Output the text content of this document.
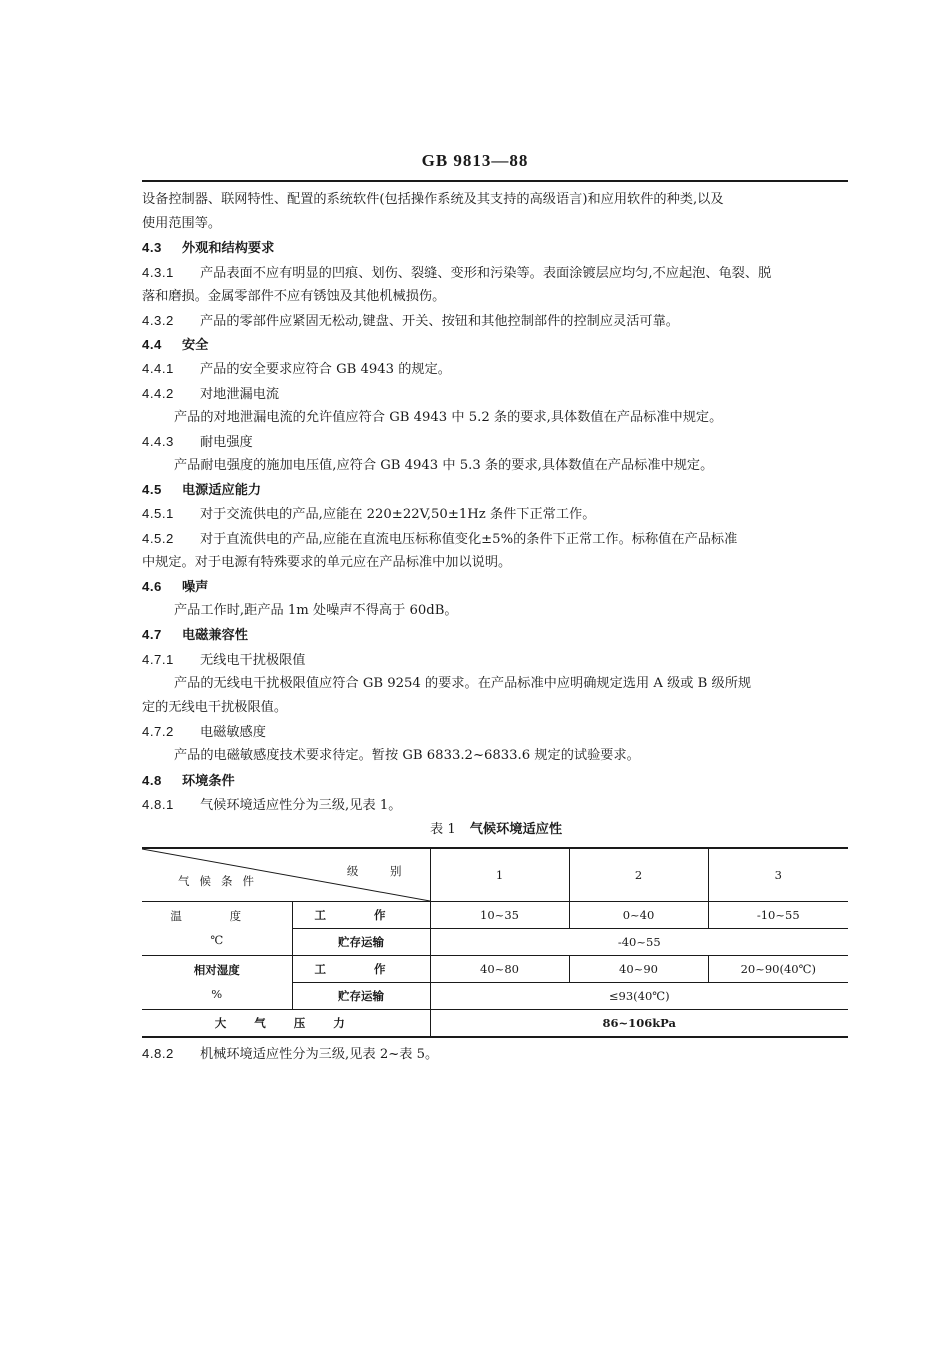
GB 9813—88
设备控制器、联网特性、配置的系统软件(包括操作系统及其支持的高级语言)和应用软件的种类,以及
使用范围等。
4.3 外观和结构要求
4.3.1 产品表面不应有明显的凹痕、划伤、裂缝、变形和污染等。表面涂镀层应均匀,不应起泡、龟裂、脱
落和磨损。金属零部件不应有锈蚀及其他机械损伤。
4.3.2 产品的零部件应紧固无松动,键盘、开关、按钮和其他控制部件的控制应灵活可靠。
4.4 安全
4.4.1 产品的安全要求应符合 GB 4943 的规定。
4.4.2 对地泄漏电流
产品的对地泄漏电流的允许值应符合 GB 4943 中 5.2 条的要求,具体数值在产品标准中规定。
4.4.3 耐电强度
产品耐电强度的施加电压值,应符合 GB 4943 中 5.3 条的要求,具体数值在产品标准中规定。
4.5 电源适应能力
4.5.1 对于交流供电的产品,应能在 220±22V,50±1Hz 条件下正常工作。
4.5.2 对于直流供电的产品,应能在直流电压标称值变化±5%的条件下正常工作。标称值在产品标准
中规定。对于电源有特殊要求的单元应在产品标准中加以说明。
4.6 噪声
产品工作时,距产品 1m 处噪声不得高于 60dB。
4.7 电磁兼容性
4.7.1 无线电干扰极限值
产品的无线电干扰极限值应符合 GB 9254 的要求。在产品标准中应明确规定选用 A 级或 B 级所规
定的无线电干扰极限值。
4.7.2 电磁敏感度
产品的电磁敏感度技术要求待定。暂按 GB 6833.2~6833.6 规定的试验要求。
4.8 环境条件
4.8.1 气候环境适应性分为三级,见表 1。
表 1 气候环境适应性
级 别
气候条件		1	2	3

温 度
℃	工 作	10~35	0~40	-10~55
	贮存运输	-40~55		

相对湿度
%	工 作	40~80	40~90	20~90(40℃)
	贮存运输	≤93(40℃)		
大 气 压 力		86~106kPa		
4.8.2 机械环境适应性分为三级,见表 2~表 5。
